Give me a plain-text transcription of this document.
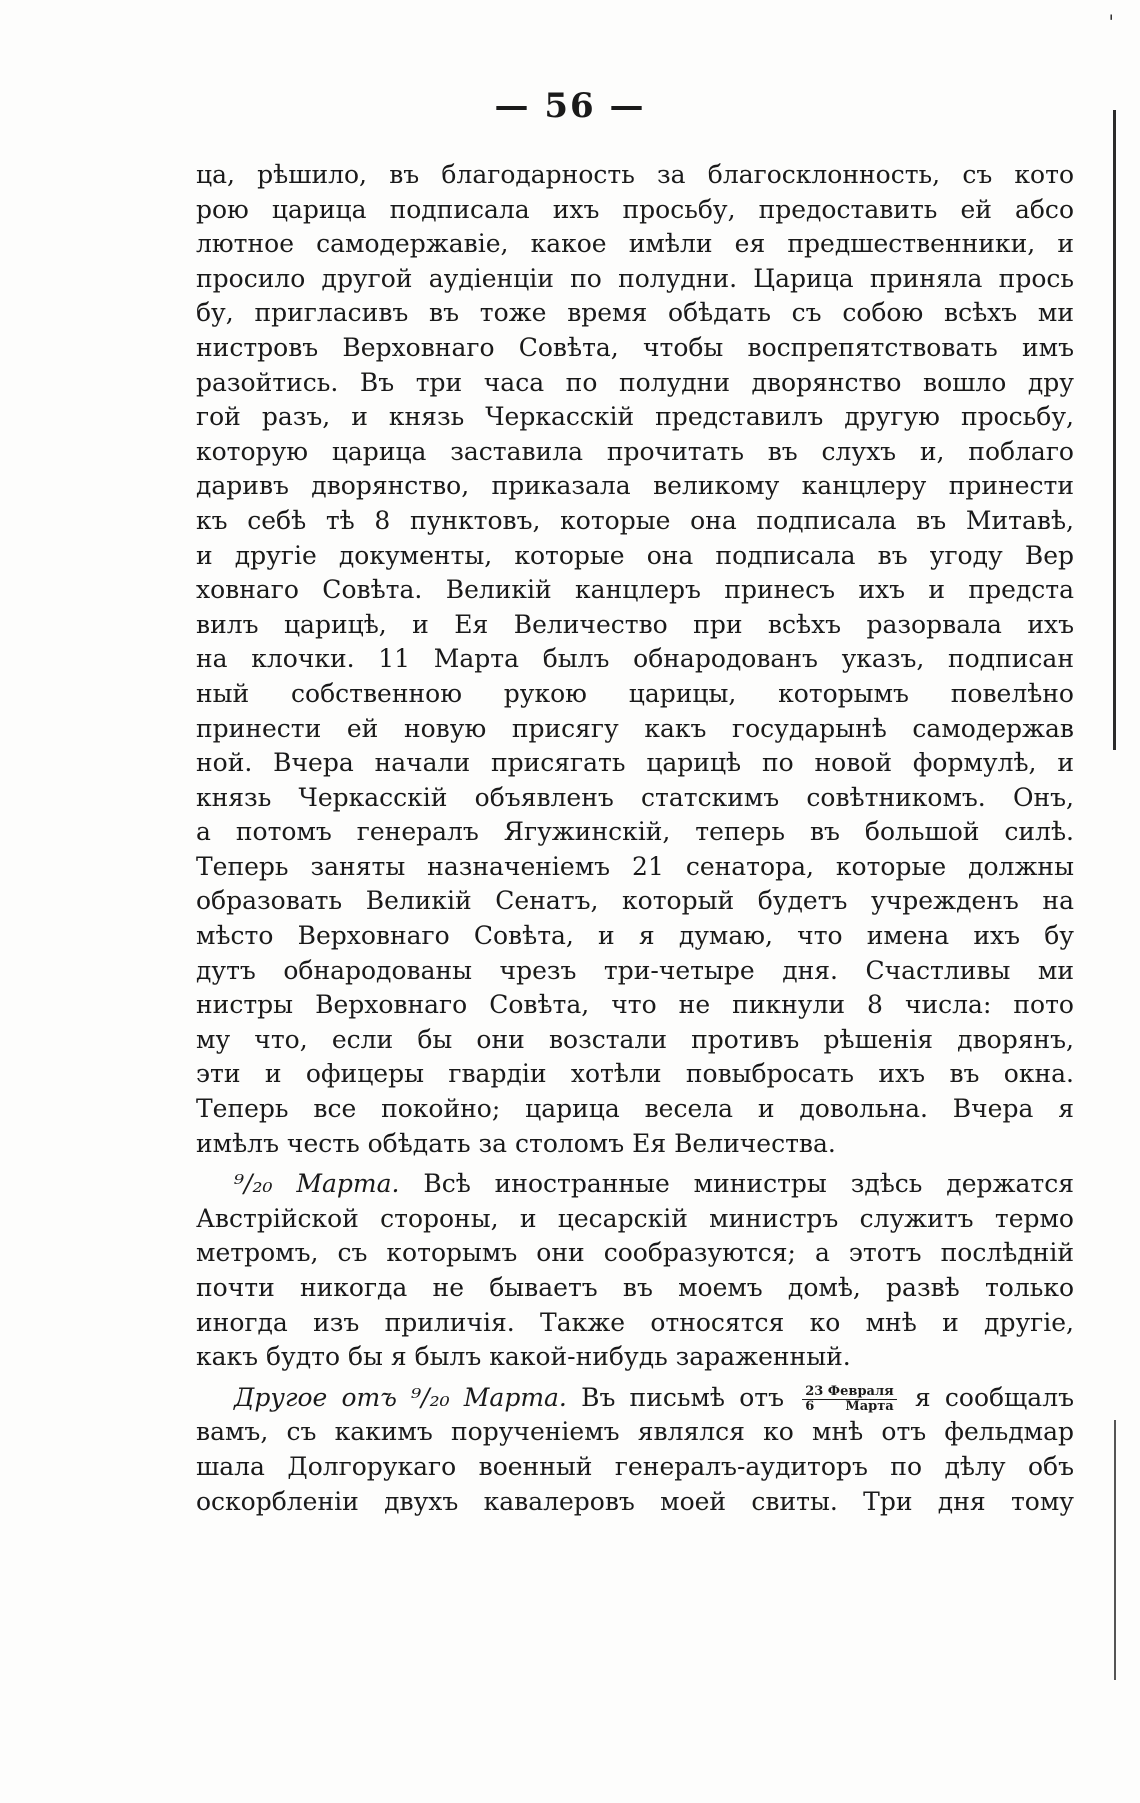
'
— 56 —
ца, рѣшило, въ благодарность за благосклонность, съ кото
рою царица подписала ихъ просьбу, предоставить ей абсо
лютное самодержавіе, какое имѣли ея предшественники, и
просило другой аудіенціи по полудни. Царица приняла прось
бу, пригласивъ въ тоже время обѣдать съ собою всѣхъ ми
нистровъ Верховнаго Совѣта, чтобы воспрепятствовать имъ
разойтись. Въ три часа по полудни дворянство вошло дру
гой разъ, и князь Черкасскій представилъ другую просьбу,
которую царица заставила прочитать въ слухъ и, поблаго
даривъ дворянство, приказала великому канцлеру принести
къ себѣ тѣ 8 пунктовъ, которые она подписала въ Митавѣ,
и другіе документы, которые она подписала въ угоду Вер
ховнаго Совѣта. Великій канцлеръ принесъ ихъ и предста
вилъ царицѣ, и Ея Величество при всѣхъ разорвала ихъ
на клочки. 11 Марта былъ обнародованъ указъ, подписан
ный собственною рукою царицы, которымъ повелѣно
принести ей новую присягу какъ государынѣ самодержав
ной. Вчера начали присягать царицѣ по новой формулѣ, и
князь Черкасскій объявленъ статскимъ совѣтникомъ. Онъ,
а потомъ генералъ Ягужинскій, теперь въ большой силѣ.
Теперь заняты назначеніемъ 21 сенатора, которые должны
образовать Великій Сенатъ, который будетъ учрежденъ на
мѣсто Верховнаго Совѣта, и я думаю, что имена ихъ бу
дутъ обнародованы чрезъ три-четыре дня. Счастливы ми
нистры Верховнаго Совѣта, что не пикнули 8 числа: пото
му что, если бы они возстали противъ рѣшенія дворянъ,
эти и офицеры гвардіи хотѣли повыбросать ихъ въ окна.
Теперь все покойно; царица весела и довольна. Вчера я
имѣлъ честь обѣдать за столомъ Ея Величества.
⁹/₂₀ Марта. Всѣ иностранные министры здѣсь держатся
Австрійской стороны, и цесарскій министръ служитъ термо
метромъ, съ которымъ они сообразуются; а этотъ послѣдній
почти никогда не бываетъ въ моемъ домѣ, развѣ только
иногда изъ приличія. Также относятся ко мнѣ и другіе,
какъ будто бы я былъ какой-нибудь зараженный.
Другое отъ ⁹/₂₀ Марта. Въ письмѣ отъ $\frac{\text{23 Февраля}}{\text{6 Марта}}$ я сообщалъ
вамъ, съ какимъ порученіемъ являлся ко мнѣ отъ фельдмар
шала Долгорукаго военный генералъ-аудиторъ по дѣлу объ
оскорбленіи двухъ кавалеровъ моей свиты. Три дня тому
